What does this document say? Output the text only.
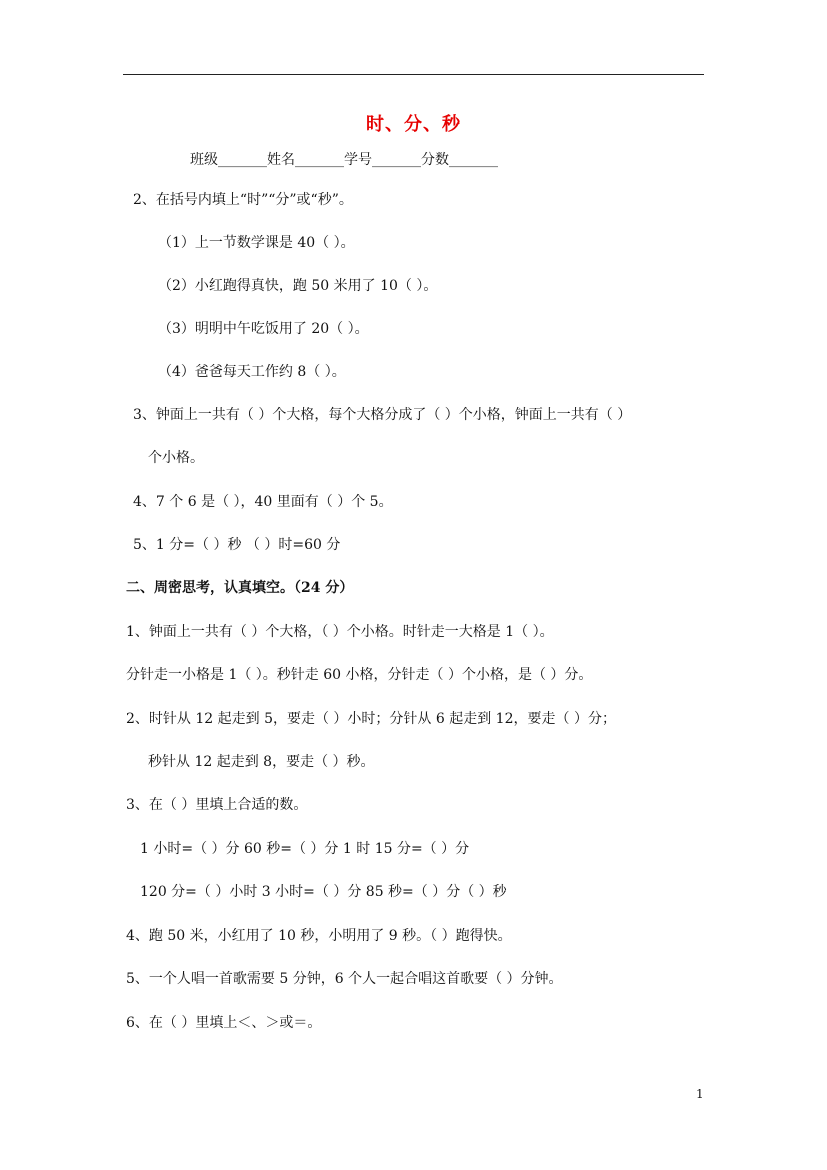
时、分、秒
班级_______姓名_______学号_______分数_______
2、在括号内填上“时”“分”或“秒”。
（1）上一节数学课是 40（ ）。
（2）小红跑得真快，跑 50 米用了 10（ ）。
（3）明明中午吃饭用了 20（ ）。
（4）爸爸每天工作约 8（ ）。
3、钟面上一共有（ ）个大格，每个大格分成了（ ）个小格，钟面上一共有（ ）
个小格。
4、7 个 6 是（ ），40 里面有（ ）个 5。
5、1 分=（ ）秒 （ ）时=60 分
二、周密思考，认真填空。（24 分）
1、钟面上一共有（ ）个大格，（ ）个小格。时针走一大格是 1（ ）。
分针走一小格是 1（ ）。秒针走 60 小格，分针走（ ）个小格，是（ ）分。
2、时针从 12 起走到 5，要走（ ）小时；分针从 6 起走到 12，要走（ ）分；
秒针从 12 起走到 8，要走（ ）秒。
3、在（ ）里填上合适的数。
1 小时=（ ）分 60 秒=（ ）分 1 时 15 分=（ ）分
120 分=（ ）小时 3 小时=（ ）分 85 秒=（ ）分（ ）秒
4、跑 50 米，小红用了 10 秒，小明用了 9 秒。（ ）跑得快。
5、一个人唱一首歌需要 5 分钟，6 个人一起合唱这首歌要（ ）分钟。
6、在（ ）里填上＜、＞或＝。
1
